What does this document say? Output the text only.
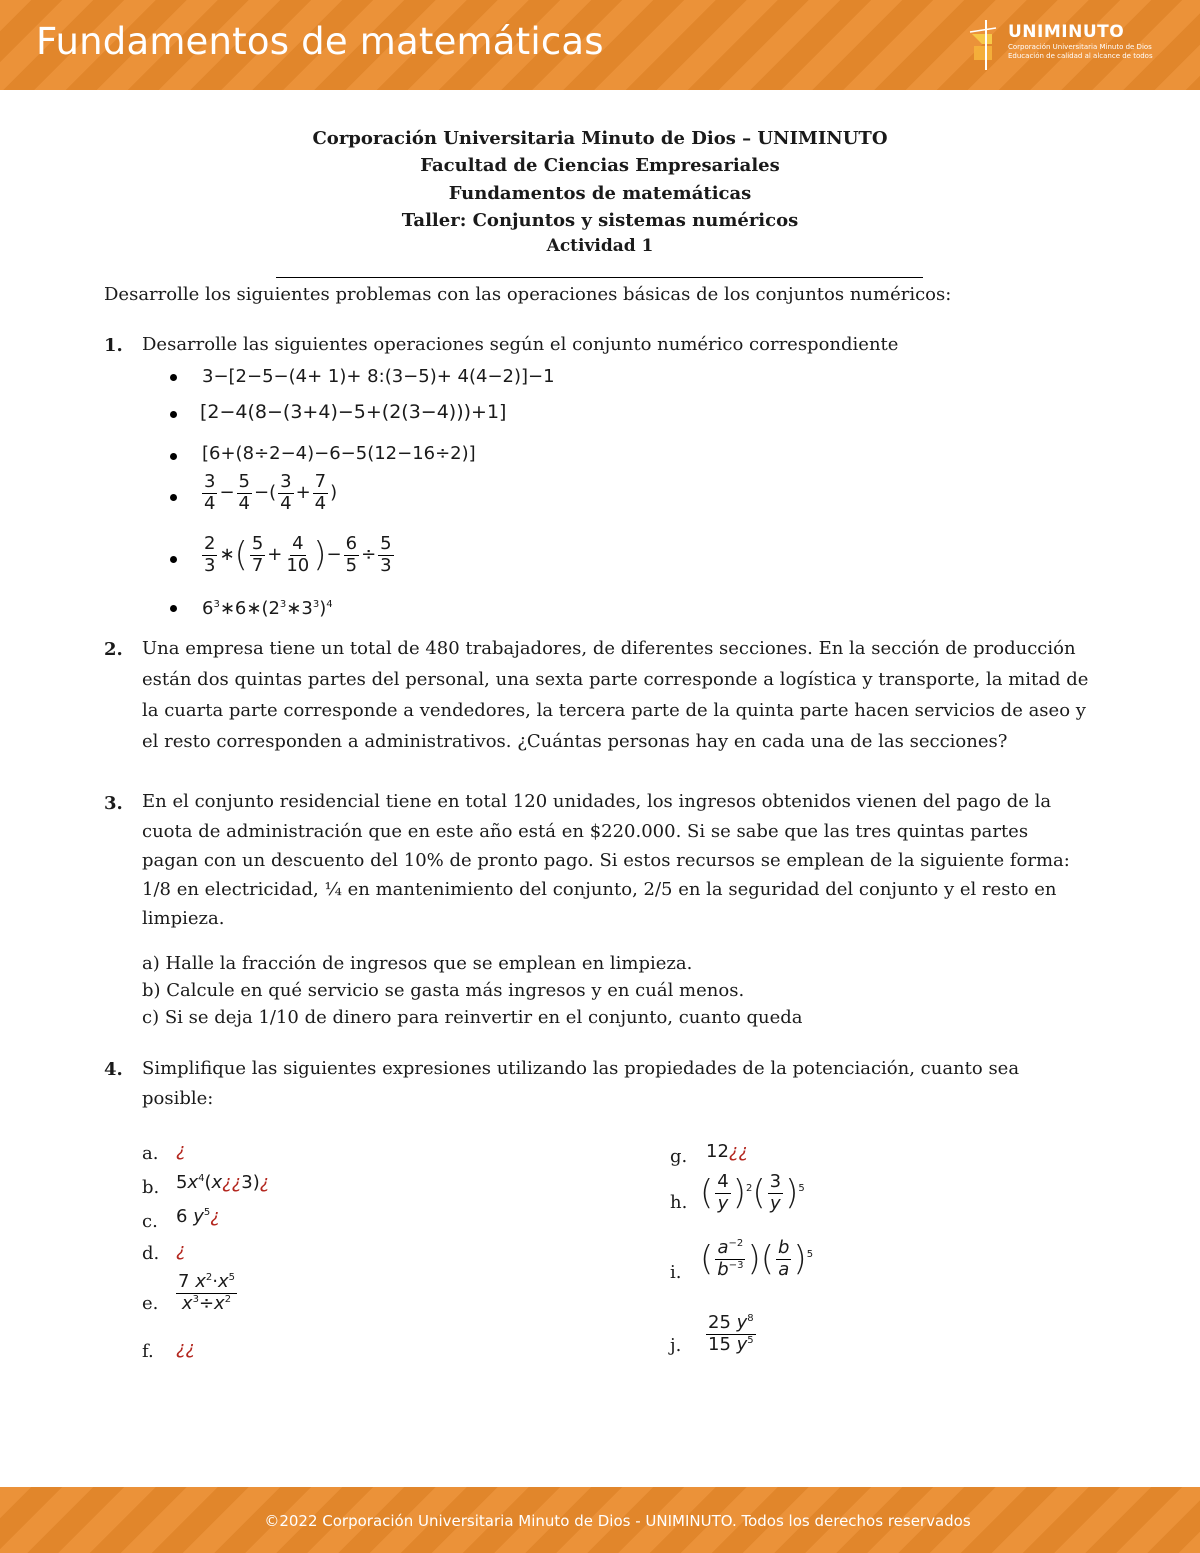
Fundamentos de matemáticas	UNIMINUTO
Corporación Universitaria Minuto de Dios
Educación de calidad al alcance de todos
Corporación Universitaria Minuto de Dios – UNIMINUTO
Facultad de Ciencias Empresariales
Fundamentos de matemáticas
Taller: Conjuntos y sistemas numéricos
Actividad 1
Desarrolle los siguientes problemas con las operaciones básicas de los conjuntos numéricos:
1. Desarrolle las siguientes operaciones según el conjunto numérico correspondiente
3−[2−5−(4+ 1)+ 8:(3−5)+ 4(4−2)]−1
[2−4(8−(3+4)−5+(2(3−4)))+1]
[6+(8÷2−4)−6−5(12−16÷2)]
$\frac{3}{4} - \frac{5}{4}$ −( $\frac{3}{4} + \frac{7}{4}$ )
$\frac{2}{3}$ ∗( $\frac{5}{7} + \frac{4}{10}$ )− $\frac{6}{5} \div \frac{5}{3}$
$6^3∗6∗(2^3∗3^3)^4$
2. Una empresa tiene un total de 480 trabajadores, de diferentes secciones. En la sección de producción
están dos quintas partes del personal, una sexta parte corresponde a logística y transporte, la mitad de
la cuarta parte corresponde a vendedores, la tercera parte de la quinta parte hacen servicios de aseo y
el resto corresponden a administrativos. ¿Cuántas personas hay en cada una de las secciones?
3. En el conjunto residencial tiene en total 120 unidades, los ingresos obtenidos vienen del pago de la
cuota de administración que en este año está en $220.000. Si se sabe que las tres quintas partes
pagan con un descuento del 10% de pronto pago. Si estos recursos se emplean de la siguiente forma:
1/8 en electricidad, ¼ en mantenimiento del conjunto, 2/5 en la seguridad del conjunto y el resto en
limpieza.
a) Halle la fracción de ingresos que se emplean en limpieza.
b) Calcule en qué servicio se gasta más ingresos y en cuál menos.
c) Si se deja 1/10 de dinero para reinvertir en el conjunto, cuanto queda
4. Simplifique las siguientes expresiones utilizando las propiedades de la potenciación, cuanto sea
posible:
a. ¿
b. $5x^4(x¿¿3)¿$
c. 6 $y^5¿$
d. ¿
e. $\frac{7 x^2\cdot x^5}{x^3\div x^2}$
f. ¿¿
g. 12¿¿
h. ( $\frac{4}{y} )^2( \frac{3}{y} )^5$
i. ( $\frac{a^{-2}}{b^{-3}}$ )( $\frac{b}{a} )^5$
j. $\frac{25 y^8}{15 y^5}$
©2022 Corporación Universitaria Minuto de Dios - UNIMINUTO. Todos los derechos reservados
